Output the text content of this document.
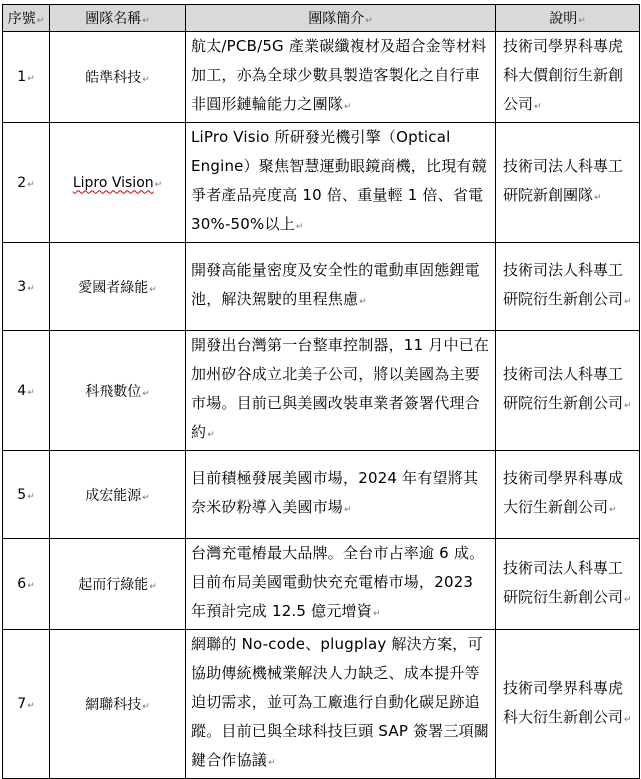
序號↵	團隊名稱↵	團隊簡介↵	說明↵
1↵	皓準科技↵	航太/PCB/5G 產業碳纖複材及超合金等材料加工，亦為全球少數具製造客製化之自行車非圓形鏈輪能力之團隊↵	技術司學界科專虎科大價創衍生新創公司↵
2↵	Lipro Vision↵	LiPro Visio 所研發光機引擎（Optical Engine）聚焦智慧運動眼鏡商機，比現有競爭者產品亮度高 10 倍、重量輕 1 倍、省電 30%-50%以上↵	技術司法人科專工研院新創團隊↵
3↵	愛國者綠能↵	開發高能量密度及安全性的電動車固態鋰電池，解決駕駛的里程焦慮↵	技術司法人科專工研院衍生新創公司↵
4↵	科飛數位↵	開發出台灣第一台整車控制器，11 月中已在加州矽谷成立北美子公司，將以美國為主要市場。目前已與美國改裝車業者簽署代理合約↵	技術司法人科專工研院衍生新創公司↵
5↵	成宏能源↵	目前積極發展美國市場，2024 年有望將其奈米矽粉導入美國市場↵	技術司學界科專成大衍生新創公司↵
6↵	起而行綠能↵	台灣充電樁最大品牌。全台市占率逾 6 成。目前布局美國電動快充充電樁市場，2023 年預計完成 12.5 億元增資↵	技術司法人科專工研院衍生新創公司↵
7↵	網聯科技↵	網聯的 No-code、plugplay 解決方案，可協助傳統機械業解決人力缺乏、成本提升等迫切需求，並可為工廠進行自動化碳足跡追蹤。目前已與全球科技巨頭 SAP 簽署三項關鍵合作協議↵	技術司學界科專虎科大衍生新創公司↵
